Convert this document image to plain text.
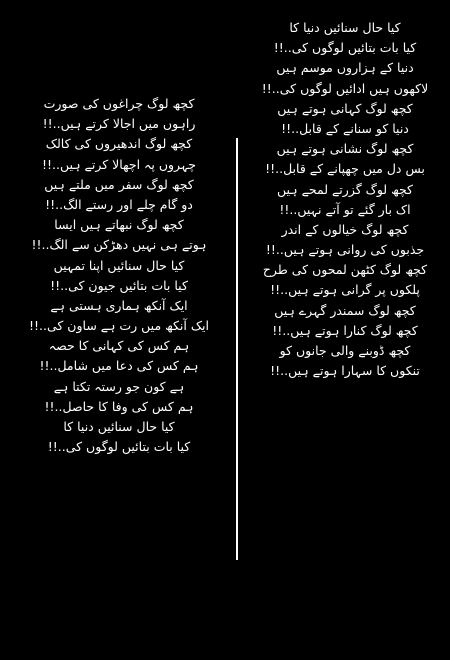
کیا حال سنائیں دنیا کا
کیا بات بتائیں لوگوں کی..!!
دنیا کے ہزاروں موسم ہیں
لاکھوں ہیں ادائیں لوگوں کی..!!
کچھ لوگ کہانی ہوتے ہیں
دنیا کو سنانے کے قابل..!!
کچھ لوگ نشانی ہوتے ہیں
بس دل میں چھپانے کے قابل..!!
کچھ لوگ گزرتے لمحے ہیں
اک بار گئے تو آتے نہیں..!!
کچھ لوگ خیالوں کے اندر
جذبوں کی روانی ہوتے ہیں..!!
کچھ لوگ کٹھن لمحوں کی طرح
پلکوں پر گرانی ہوتے ہیں..!!
کچھ لوگ سمندر گہرے ہیں
کچھ لوگ کنارا ہوتے ہیں..!!
کچھ ڈوبنے والی جانوں کو
تنکوں کا سہارا ہوتے ہیں..!!
کچھ لوگ چراغوں کی صورت
راہوں میں اجالا کرتے ہیں..!!
کچھ لوگ اندھیروں کی کالک
چہروں پہ اچھالا کرتے ہیں..!!
کچھ لوگ سفر میں ملتے ہیں
دو گام چلے اور رستے الگ..!!
کچھ لوگ نبھاتے ہیں ایسا
ہوتے ہی نہیں دھڑکن سے الگ..!!
کیا حال سنائیں اپنا تمہیں
کیا بات بتائیں جیون کی..!!
ایک آنکھ ہماری ہستی ہے
ایک آنکھ میں رت ہے ساون کی..!!
ہم کس کی کہانی کا حصہ
ہم کس کی دعا میں شامل..!!
ہے کون جو رستہ تکتا ہے
ہم کس کی وفا کا حاصل..!!
کیا حال سنائیں دنیا کا
کیا بات بتائیں لوگوں کی..!!
